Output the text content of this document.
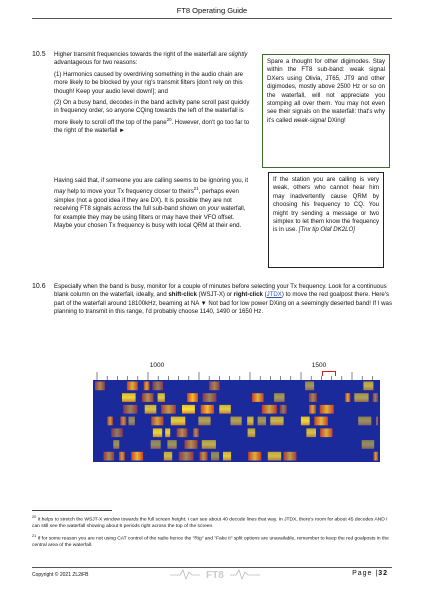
FT8 Operating Guide
10.5 Higher transmit frequencies towards the right of the waterfall are slightly advantageous for two reasons:

(1) Harmonics caused by overdriving something in the audio chain are more likely to be blocked by your rig's transmit filters [don't rely on this though! Keep your audio level down!]; and

(2) On a busy band, decodes in the band activity pane scroll past quickly in frequency order, so anyone CQing towards the left of the waterfall is more likely to scroll off the top of the pane$^{20}$. However, don't go too far to the right of the waterfall ►

Having said that, if someone you are calling seems to be ignoring you, it may help to move your Tx frequency closer to theirs$^{21}$, perhaps even simplex (not a good idea if they are DX). It is possible they are not receiving FT8 signals across the full sub-band shown on your waterfall, for example they may be using filters or may have their VFO offset. Maybe your chosen Tx frequency is busy with local QRM at their end.

Spare a thought for other digimodes. Stay within the FT8 sub-band: weak signal DXers using Olivia, JT65, JT9 and other digimodes, mostly above 2500 Hz or so on the waterfall, will not appreciate you stomping all over them. You may not even see their signals on the waterfall: that's why it's called weak-signal DXing!

If the station you are calling is very weak, others who cannot hear him may inadvertently cause QRM by choosing his frequency to CQ. You might try sending a message or two simplex to let them know the frequency is in use. [Tnx tip Olaf DK2LO]

10.6 Especially when the band is busy, monitor for a couple of minutes before selecting your Tx frequency. Look for a continuous blank column on the waterfall, ideally, and shift-click (WSJT-X) or right-click (JTDX) to move the red goalpost there. Here's part of the waterfall around 18100kHz, beaming at NA ▼ Not bad for low power DXing on a seemingly deserted band! If I was planning to transmit in this range, I'd probably choose 1140, 1490 or 1650 Hz.

1000	1500
$^{20}$ It helps to stretch the WSJT-X window towards the full screen height: I can see about 40 decode lines that way. In JTDX, there's room for about 45 decodes AND I can still see the waterfall showing about 6 periods right across the top of the screen.
$^{21}$ If for some reason you are not using CAT control of the radio hence the "Rig" and "Fake it" split options are unavailable, remember to keep the red goalposts in the central area of the waterfall.
Copyright © 2021 ZL2iFB	FT8	Page |32
